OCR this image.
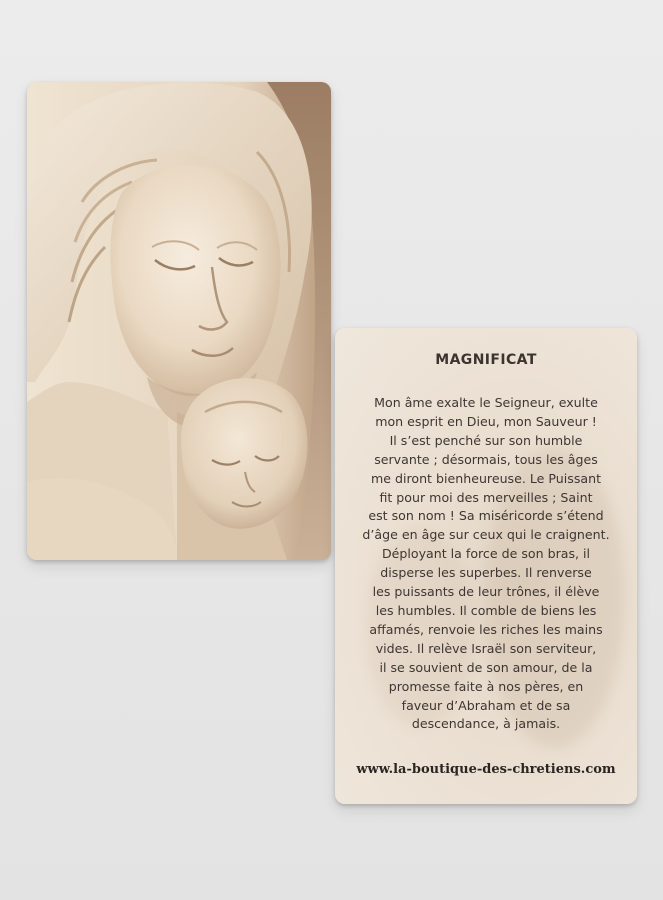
MAGNIFICAT
Mon âme exalte le Seigneur, exulte
mon esprit en Dieu, mon Sauveur !
Il s’est penché sur son humble
servante ; désormais, tous les âges
me diront bienheureuse. Le Puissant
fit pour moi des merveilles ; Saint
est son nom ! Sa miséricorde s’étend
d’âge en âge sur ceux qui le craignent.
Déployant la force de son bras, il
disperse les superbes. Il renverse
les puissants de leur trônes, il élève
les humbles. Il comble de biens les
affamés, renvoie les riches les mains
vides. Il relève Israël son serviteur,
il se souvient de son amour, de la
promesse faite à nos pères, en
faveur d’Abraham et de sa
descendance, à jamais.
www.la-boutique-des-chretiens.com
